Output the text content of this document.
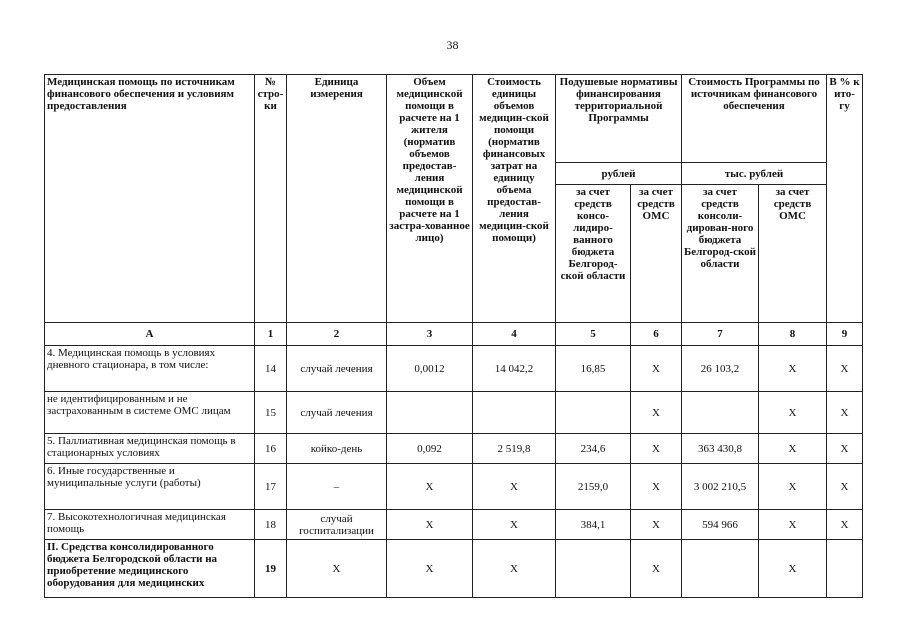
38
Медицинская помощь по источникам финансового обеспечения и условиям предоставления	№ стро-ки	Единица измерения	Объем медицинской помощи в расчете на 1 жителя (норматив объемов предостав-ления медицинской помощи в расчете на 1 застра-хованное лицо)	Стоимость единицы объемов медицин-ской помощи (норматив финансовых затрат на единицу объема предостав-ления медицин-ской помощи)	Подушевые нормативы финансирования территориальной Программы		Стоимость Программы по источникам финансового обеспечения		В % к ито-гу
					рублей		тыс. рублей		
					за счет средств консо-лидиро-ванного бюджета Белгород-ской области	за счет средств ОМС	за счет средств консоли-дирован-ного бюджета Белгород-ской области	за счет средств ОМС	
А	1	2	3	4	5	6	7	8	9
4. Медицинская помощь в условиях дневного стационара, в том числе:	14	случай лечения	0,0012	14 042,2	16,85	X	26 103,2	X	X
не идентифицированным и не застрахованным в системе ОМС лицам	15	случай лечения				X		X	X
5. Паллиативная медицинская помощь в стационарных условиях	16	койко-день	0,092	2 519,8	234,6	X	363 430,8	X	X
6. Иные государственные и муниципальные услуги (работы)	17	–	X	X	2159,0	X	3 002 210,5	X	X
7. Высокотехнологичная медицинская помощь	18	случай госпитализации	X	X	384,1	X	594 966	X	X
II. Средства консолидированного бюджета Белгородской области на приобретение медицинского оборудования для медицинских	19	X	X	X		X		X	
